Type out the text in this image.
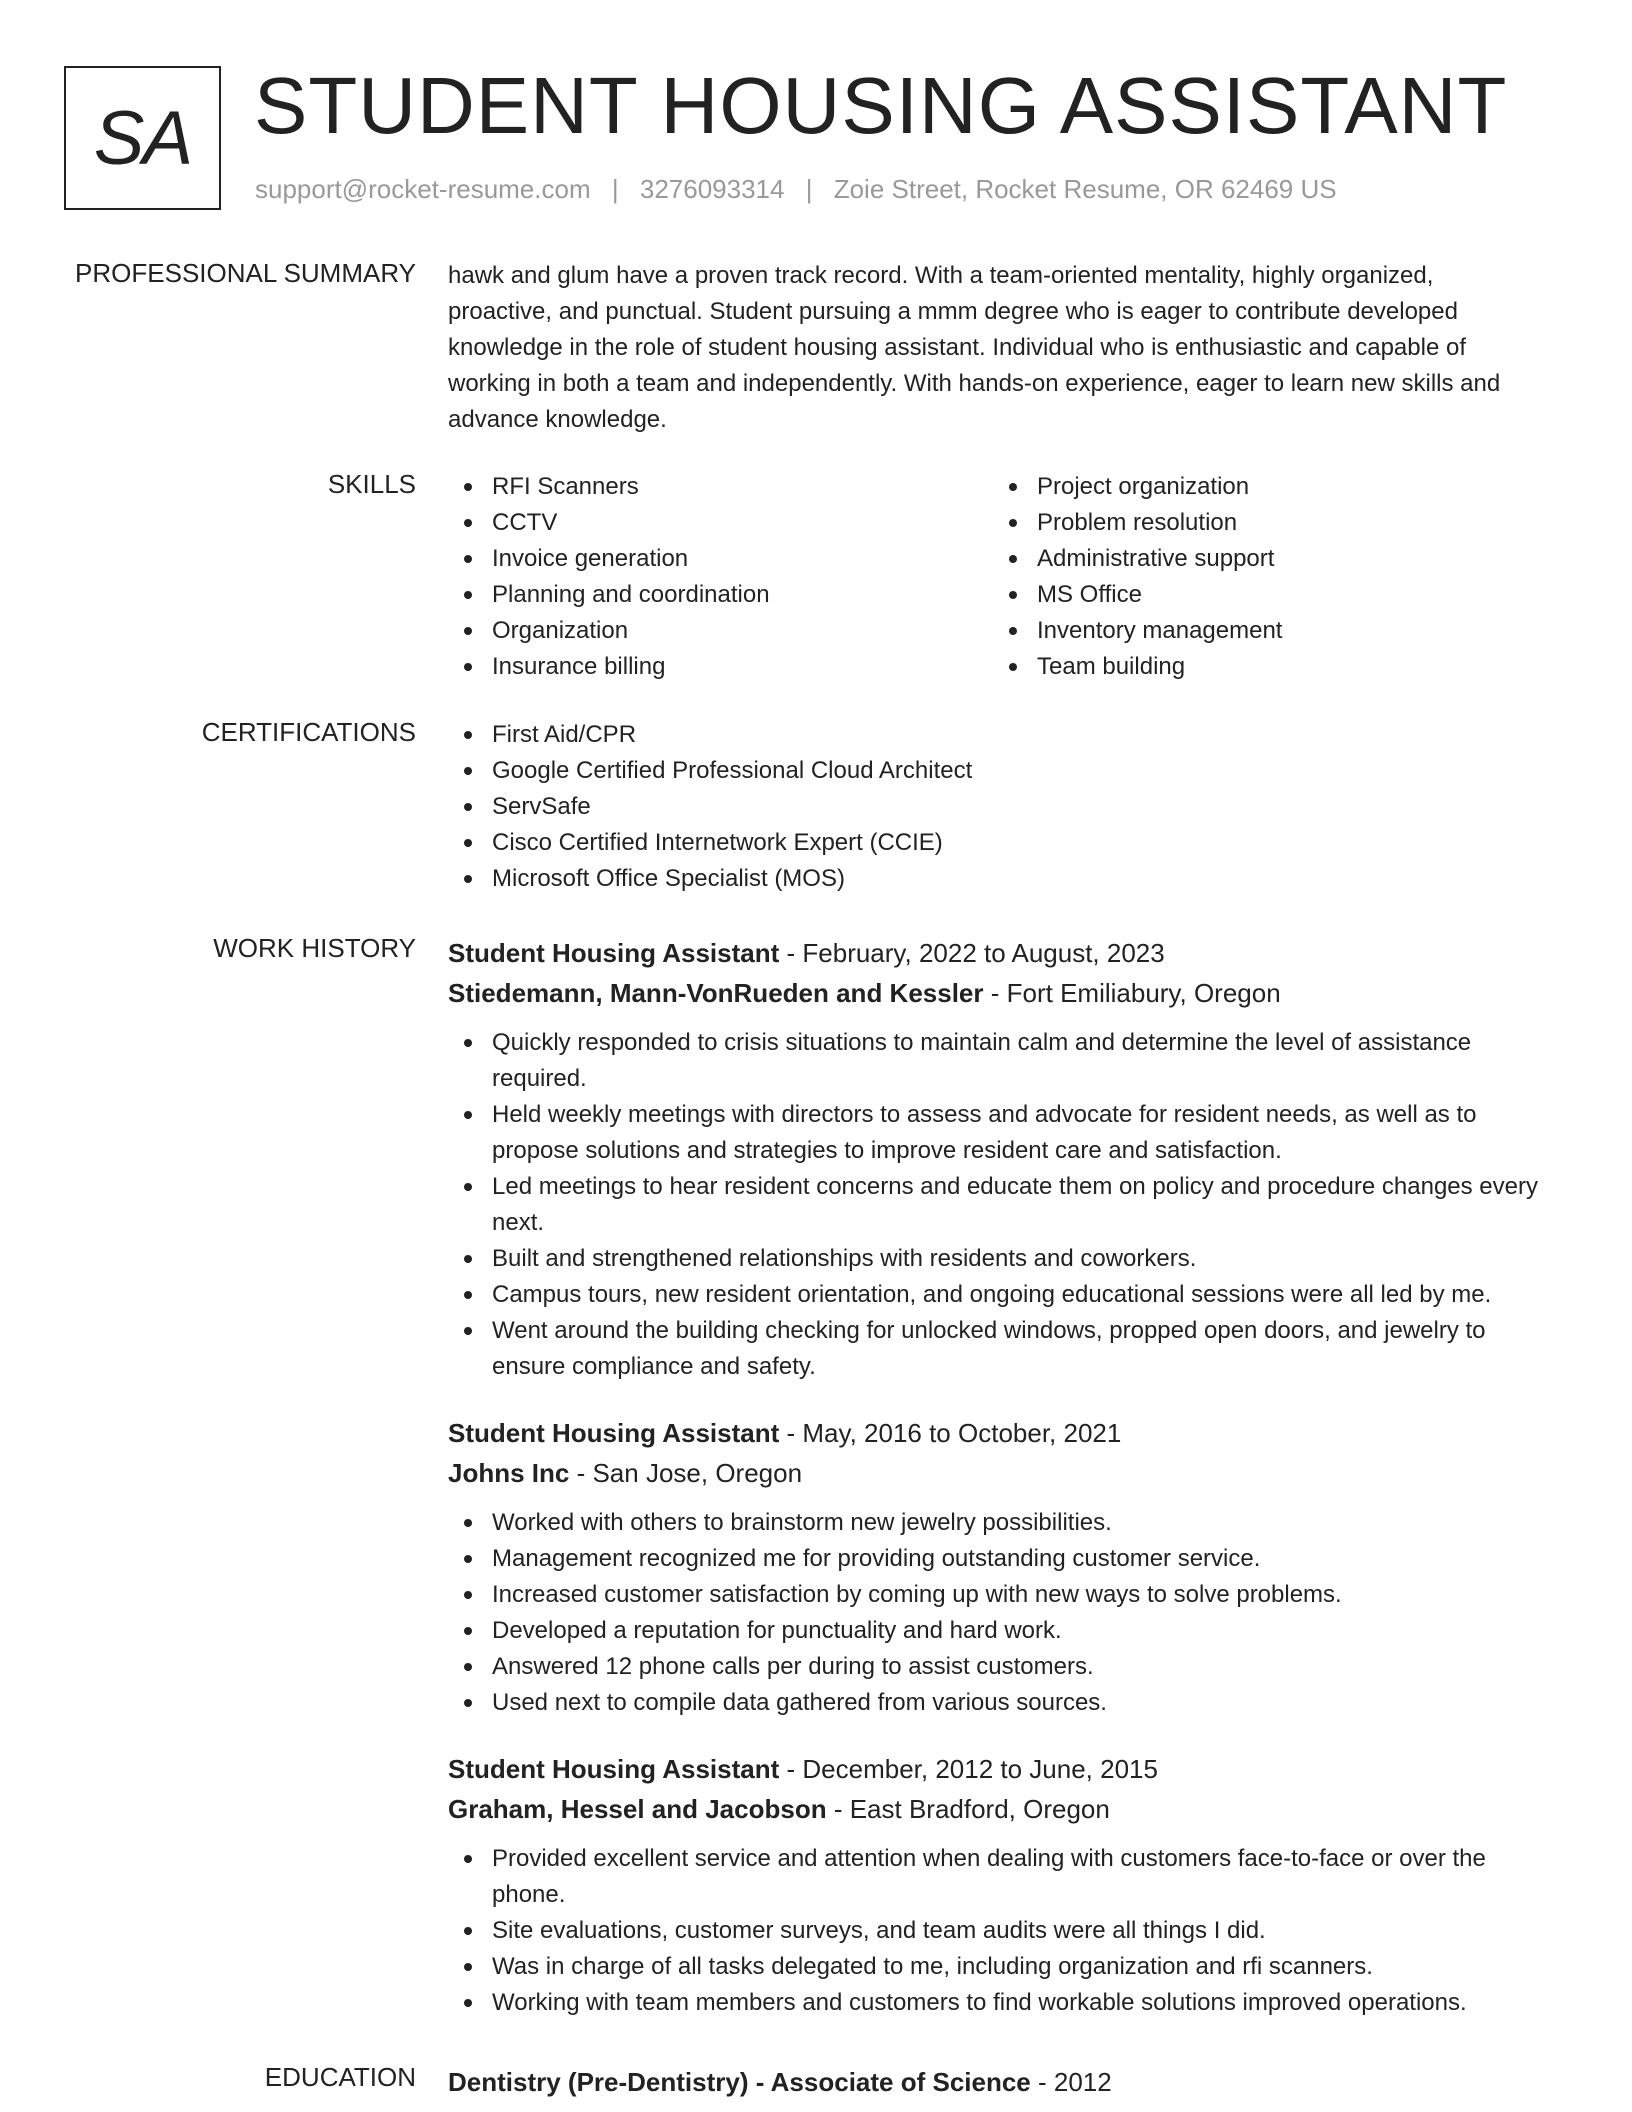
SA STUDENT HOUSING ASSISTANT
support@rocket-resume.com | 3276093314 | Zoie Street, Rocket Resume, OR 62469 US
PROFESSIONAL SUMMARY hawk and glum have a proven track record. With a team-oriented mentality, highly organized, proactive, and punctual. Student pursuing a mmm degree who is eager to contribute developed knowledge in the role of student housing assistant. Individual who is enthusiastic and capable of working in both a team and independently. With hands-on experience, eager to learn new skills and advance knowledge.
SKILLS	RFI Scanners
CCTV
Invoice generation
Planning and coordination
Organization
Insurance billing
Project organization
Problem resolution
Administrative support
MS Office
Inventory management
Team building
CERTIFICATIONS	First Aid/CPR
Google Certified Professional Cloud Architect
ServSafe
Cisco Certified Internetwork Expert (CCIE)
Microsoft Office Specialist (MOS)
WORK HISTORY Student Housing Assistant - February, 2022 to August, 2023
Stiedemann, Mann-VonRueden and Kessler - Fort Emiliabury, Oregon
Quickly responded to crisis situations to maintain calm and determine the level of assistance required.
Held weekly meetings with directors to assess and advocate for resident needs, as well as to propose solutions and strategies to improve resident care and satisfaction.
Led meetings to hear resident concerns and educate them on policy and procedure changes every next.
Built and strengthened relationships with residents and coworkers.
Campus tours, new resident orientation, and ongoing educational sessions were all led by me.
Went around the building checking for unlocked windows, propped open doors, and jewelry to ensure compliance and safety.
Student Housing Assistant - May, 2016 to October, 2021
Johns Inc - San Jose, Oregon
Worked with others to brainstorm new jewelry possibilities.
Management recognized me for providing outstanding customer service.
Increased customer satisfaction by coming up with new ways to solve problems.
Developed a reputation for punctuality and hard work.
Answered 12 phone calls per during to assist customers.
Used next to compile data gathered from various sources.
Student Housing Assistant - December, 2012 to June, 2015
Graham, Hessel and Jacobson - East Bradford, Oregon
Provided excellent service and attention when dealing with customers face-to-face or over the phone.
Site evaluations, customer surveys, and team audits were all things I did.
Was in charge of all tasks delegated to me, including organization and rfi scanners.
Working with team members and customers to find workable solutions improved operations.
EDUCATION Dentistry (Pre-Dentistry) - Associate of Science - 2012
